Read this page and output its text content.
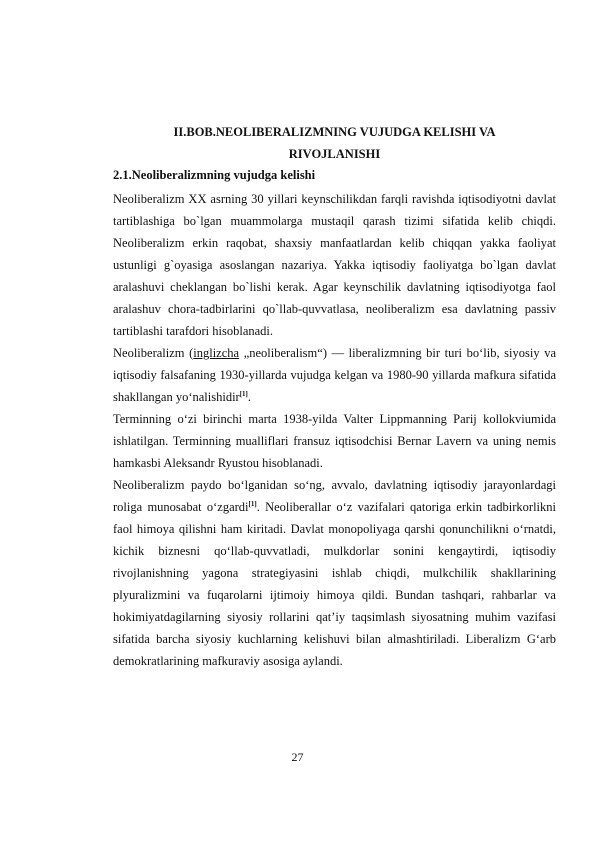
II.BOB.NEOLIBERALIZMNING VUJUDGA KELISHI VA
RIVOJLANISHI
2.1.Neoliberalizmning vujudga kelishi

Neoliberalizm XX asrning 30 yillari keynschilikdan farqli ravishda iqtisodiyotni davlat tartiblashiga bo`lgan muammolarga mustaqil qarash tizimi sifatida kelib chiqdi. Neoliberalizm erkin raqobat, shaxsiy manfaatlardan kelib chiqqan yakka faoliyat ustunligi g`oyasiga asoslangan nazariya. Yakka iqtisodiy faoliyatga bo`lgan davlat aralashuvi cheklangan bo`lishi kerak. Agar keynschilik davlatning iqtisodiyotga faol aralashuv chora-tadbirlarini qo`llab-quvvatlasa, neoliberalizm esa davlatning passiv tartiblashi tarafdori hisoblanadi.

Neoliberalizm (inglizcha „neoliberalism“) — liberalizmning bir turi bo‘lib, siyosiy va iqtisodiy falsafaning 1930-yillarda vujudga kelgan va 1980-90 yillarda mafkura sifatida shakllangan yo‘nalishidir[1].

Terminning o‘zi birinchi marta 1938-yilda Valter Lippmanning Parij kollokviumida ishlatilgan. Terminning mualliflari fransuz iqtisodchisi Bernar Lavern va uning nemis hamkasbi Aleksandr Ryustou hisoblanadi.

Neoliberalizm paydo bo‘lganidan so‘ng, avvalo, davlatning iqtisodiy jarayonlardagi roliga munosabat o‘zgardi[1]. Neoliberallar o‘z vazifalari qatoriga erkin tadbirkorlikni faol himoya qilishni ham kiritadi. Davlat monopoliyaga qarshi qonunchilikni o‘rnatdi, kichik biznesni qo‘llab-quvvatladi, mulkdorlar sonini kengaytirdi, iqtisodiy rivojlanishning yagona strategiyasini ishlab chiqdi, mulkchilik shakllarining plyuralizmini va fuqarolarni ijtimoiy himoya qildi. Bundan tashqari, rahbarlar va hokimiyatdagilarning siyosiy rollarini qat’iy taqsimlash siyosatning muhim vazifasi sifatida barcha siyosiy kuchlarning kelishuvi bilan almashtiriladi. Liberalizm G‘arb demokratlarining mafkuraviy asosiga aylandi.

27
